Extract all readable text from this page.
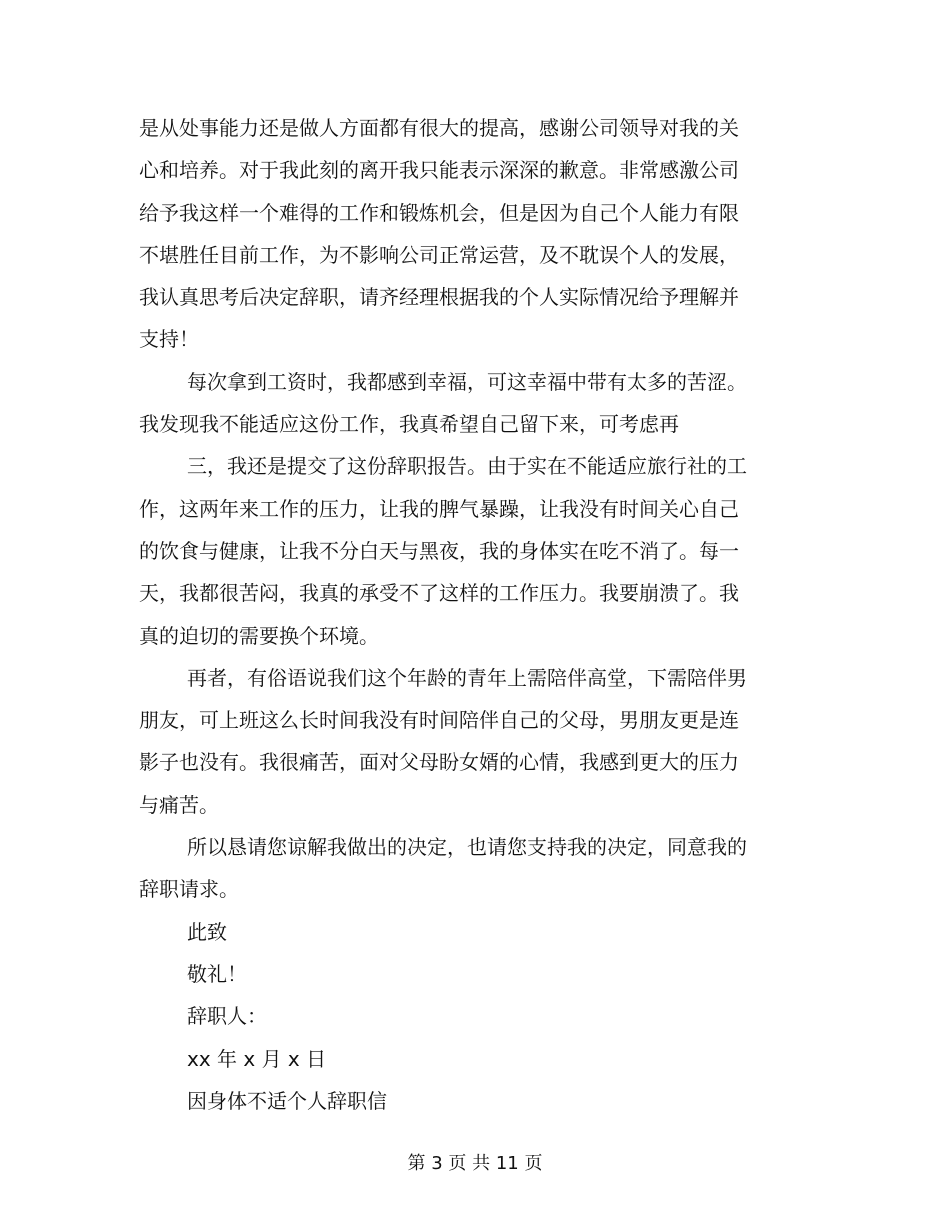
是从处事能力还是做人方面都有很大的提高，感谢公司领导对我的关
心和培养。对于我此刻的离开我只能表示深深的歉意。非常感激公司
给予我这样一个难得的工作和锻炼机会，但是因为自己个人能力有限
不堪胜任目前工作，为不影响公司正常运营，及不耽误个人的发展，
我认真思考后决定辞职，请齐经理根据我的个人实际情况给予理解并
支持！

每次拿到工资时，我都感到幸福，可这幸福中带有太多的苦涩。
我发现我不能适应这份工作，我真希望自己留下来，可考虑再

三，我还是提交了这份辞职报告。由于实在不能适应旅行社的工
作，这两年来工作的压力，让我的脾气暴躁，让我没有时间关心自己
的饮食与健康，让我不分白天与黑夜，我的身体实在吃不消了。每一
天，我都很苦闷，我真的承受不了这样的工作压力。我要崩溃了。我
真的迫切的需要换个环境。

再者，有俗语说我们这个年龄的青年上需陪伴高堂，下需陪伴男
朋友，可上班这么长时间我没有时间陪伴自己的父母，男朋友更是连
影子也没有。我很痛苦，面对父母盼女婿的心情，我感到更大的压力
与痛苦。

所以恳请您谅解我做出的决定，也请您支持我的决定，同意我的
辞职请求。

此致

敬礼！

辞职人：

xx 年 x 月 x 日

因身体不适个人辞职信

第 3 页 共 11 页
